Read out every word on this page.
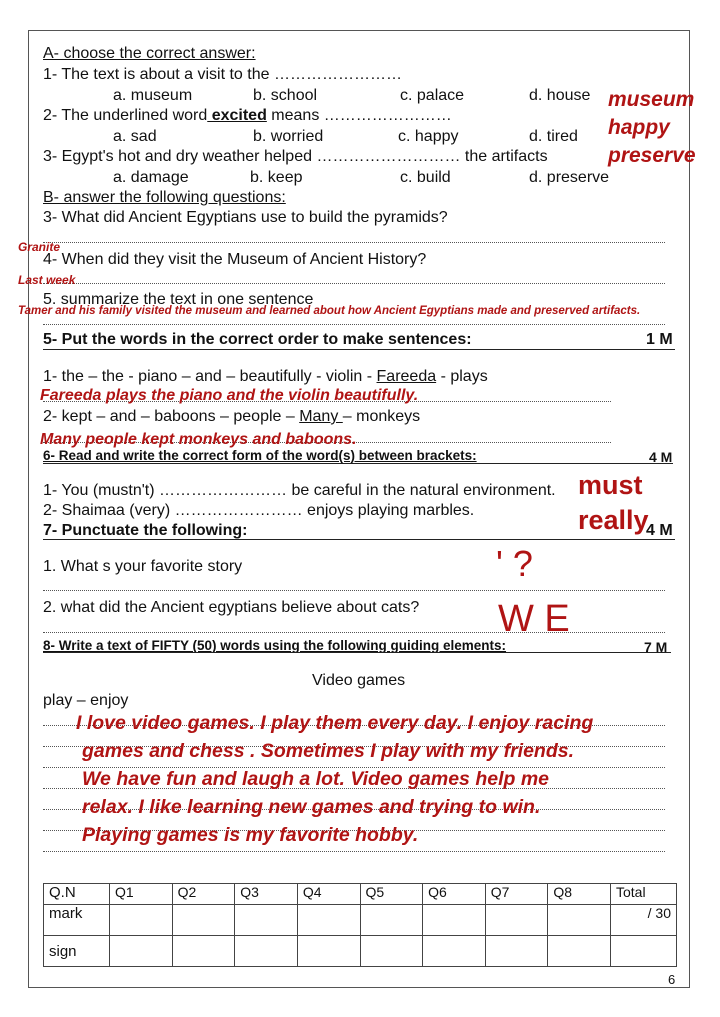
A- choose the correct answer:
1- The text is about a visit to the ……………………
a. museum	b. school	c. palace	d. house
2- The underlined word excited means ……………………
a. sad	b. worried	c. happy	d. tired
3- Egypt's hot and dry weather helped ……………………… the artifacts
a. damage	b. keep	c. build	d. preserve
museum
happy
preserve
B- answer the following questions:
3- What did Ancient Egyptians use to build the pyramids?
Granite
4- When did they visit the Museum of Ancient History?
Last week
5. summarize the text in one sentence
Tamer and his family visited the museum and learned about how Ancient Egyptians made and preserved artifacts.
5- Put the words in the correct order to make sentences:	1 M
1- the – the - piano – and – beautifully - violin - Fareeda - plays
Fareeda plays the piano and the violin beautifully.
2- kept – and – baboons – people – Many – monkeys
Many people kept monkeys and baboons.
6- Read and write the correct form of the word(s) between brackets:	4 M
1- You (mustn't) …………………… be careful in the natural environment.
2- Shaimaa (very) …………………… enjoys playing marbles.
must
really
7- Punctuate the following:	4 M
1. What s your favorite story
2. what did the Ancient egyptians believe about cats?
' ?
W E
8- Write a text of FIFTY (50) words using the following guiding elements:	7 M
Video games
play – enjoy
I love video games. I play them every day. I enjoy racing
games and chess . Sometimes I play with my friends.
We have fun and laugh a lot. Video games help me
relax. I like learning new games and trying to win.
Playing games is my favorite hobby.
Q.N	Q1	Q2	Q3	Q4	Q5	Q6	Q7	Q8	Total
mark									/ 30
sign									
6
